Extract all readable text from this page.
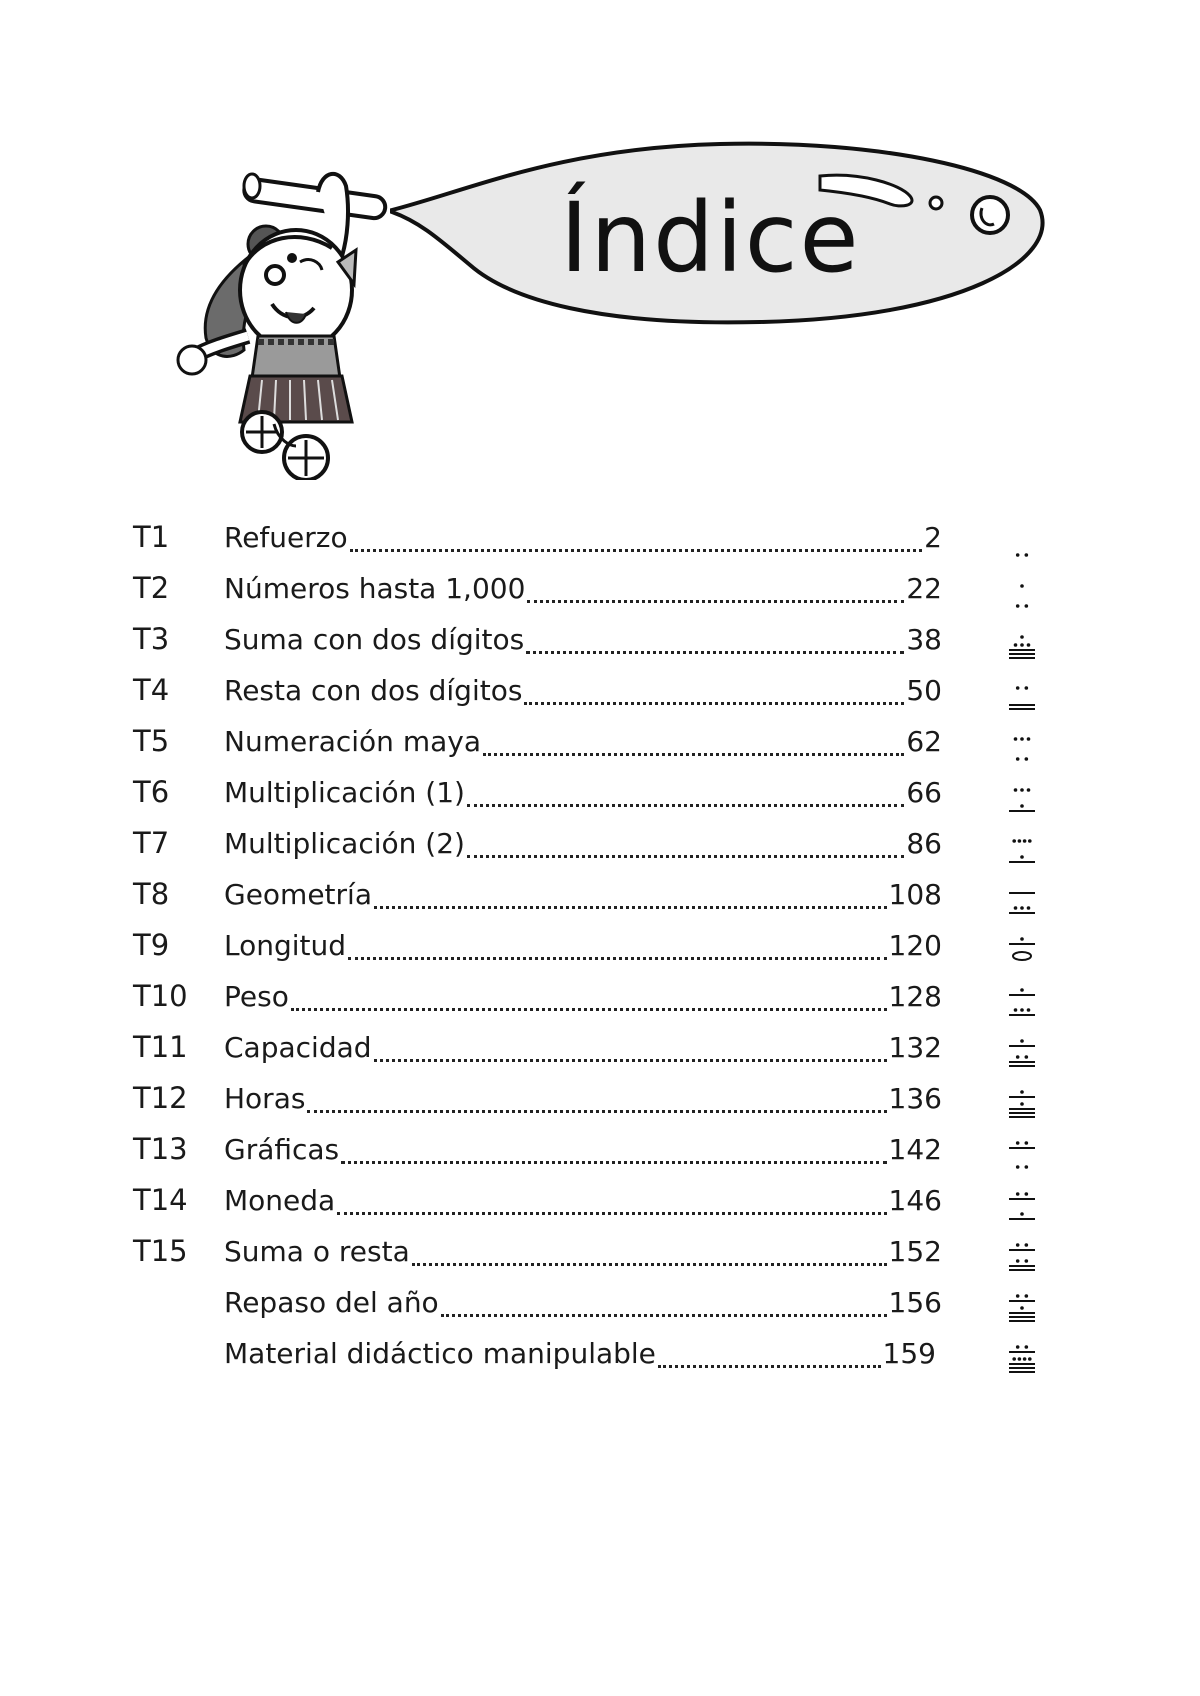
Índice
T1 Refuerzo	2
T2 Números hasta 1,000	22
T3 Suma con dos dígitos	38
T4 Resta con dos dígitos	50
T5 Numeración maya	62
T6 Multiplicación (1)	66
T7 Multiplicación (2)	86
T8 Geometría	108
T9 Longitud	120
T10 Peso	128
T11 Capacidad	132
T12 Horas	136
T13 Gráficas	142
T14 Moneda	146
T15 Suma o resta	152
Repaso del año	156
Material didáctico manipulable	159
